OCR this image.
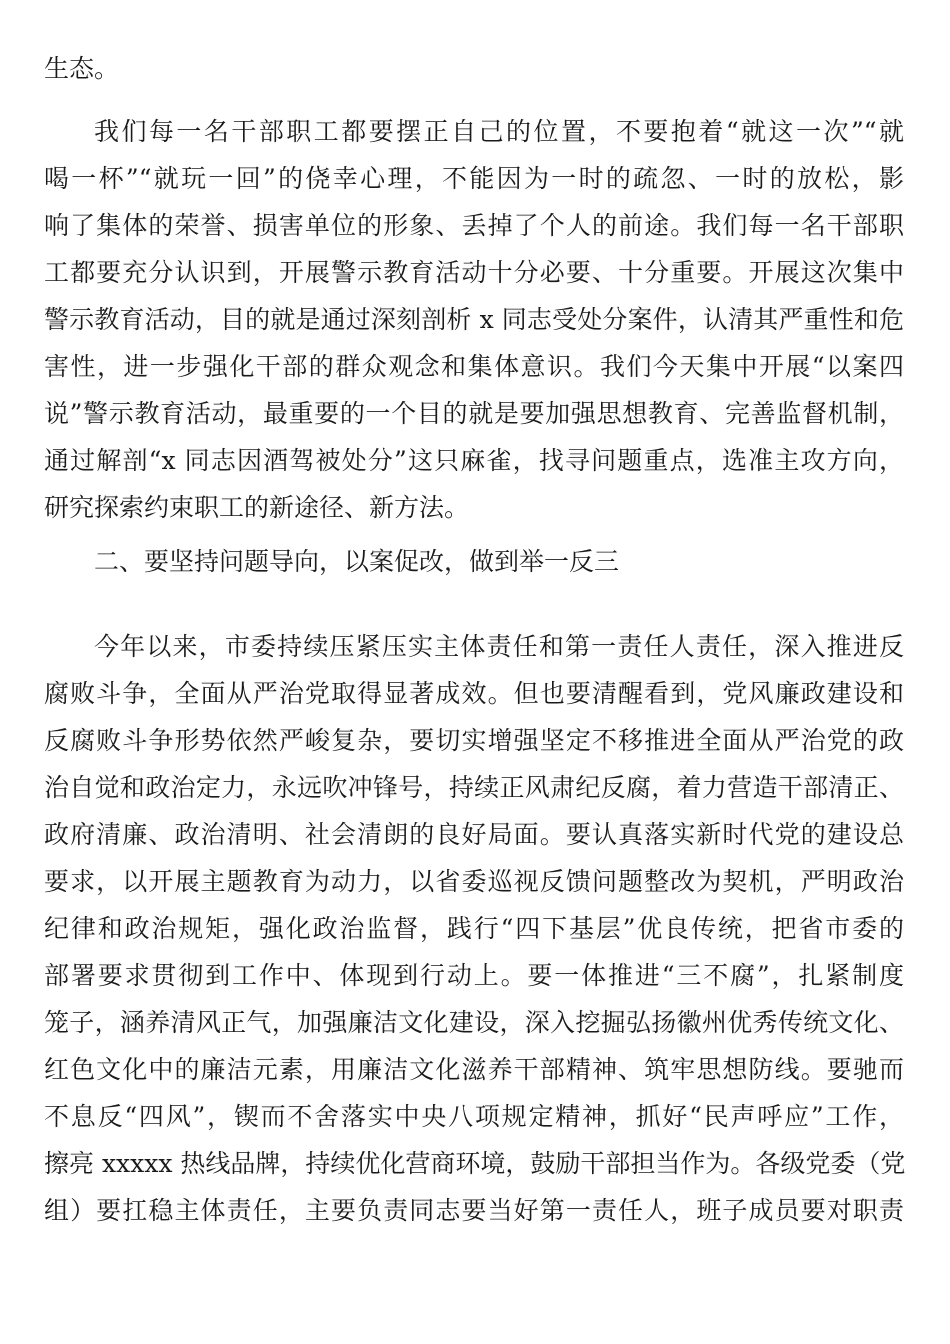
生态。
我们每一名干部职工都要摆正自己的位置，不要抱着“就这一次”“就
喝一杯”“就玩一回”的侥幸心理，不能因为一时的疏忽、一时的放松，影
响了集体的荣誉、损害单位的形象、丢掉了个人的前途。我们每一名干部职
工都要充分认识到，开展警示教育活动十分必要、十分重要。开展这次集中
警示教育活动，目的就是通过深刻剖析 x 同志受处分案件，认清其严重性和危
害性，进一步强化干部的群众观念和集体意识。我们今天集中开展“以案四
说”警示教育活动，最重要的一个目的就是要加强思想教育、完善监督机制，
通过解剖“x 同志因酒驾被处分”这只麻雀，找寻问题重点，选准主攻方向，
研究探索约束职工的新途径、新方法。
二、要坚持问题导向，以案促改，做到举一反三
今年以来，市委持续压紧压实主体责任和第一责任人责任，深入推进反
腐败斗争，全面从严治党取得显著成效。但也要清醒看到，党风廉政建设和
反腐败斗争形势依然严峻复杂，要切实增强坚定不移推进全面从严治党的政
治自觉和政治定力，永远吹冲锋号，持续正风肃纪反腐，着力营造干部清正、
政府清廉、政治清明、社会清朗的良好局面。要认真落实新时代党的建设总
要求，以开展主题教育为动力，以省委巡视反馈问题整改为契机，严明政治
纪律和政治规矩，强化政治监督，践行“四下基层”优良传统，把省市委的
部署要求贯彻到工作中、体现到行动上。要一体推进“三不腐”，扎紧制度
笼子，涵养清风正气，加强廉洁文化建设，深入挖掘弘扬徽州优秀传统文化、
红色文化中的廉洁元素，用廉洁文化滋养干部精神、筑牢思想防线。要驰而
不息反“四风”，锲而不舍落实中央八项规定精神，抓好“民声呼应”工作，
擦亮 xxxxx 热线品牌，持续优化营商环境，鼓励干部担当作为。各级党委（党
组）要扛稳主体责任，主要负责同志要当好第一责任人，班子成员要对职责
